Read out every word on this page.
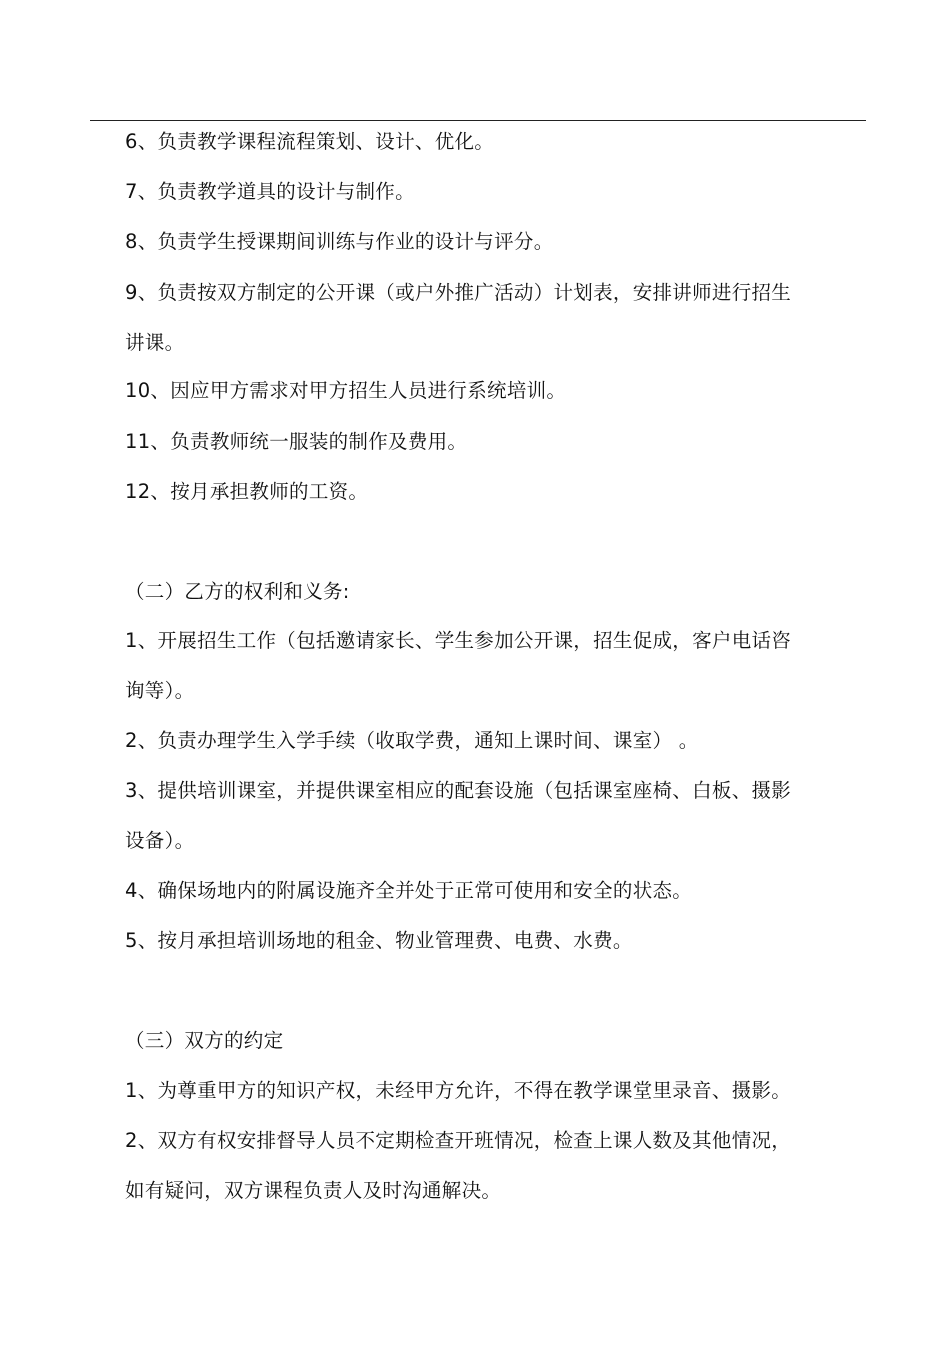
6、负责教学课程流程策划、设计、优化。
7、负责教学道具的设计与制作。
8、负责学生授课期间训练与作业的设计与评分。
9、负责按双方制定的公开课（或户外推广活动）计划表，安排讲师进行招生
讲课。
10、因应甲方需求对甲方招生人员进行系统培训。
11、负责教师统一服装的制作及费用。
12、按月承担教师的工资。
（二）乙方的权利和义务:
1、开展招生工作（包括邀请家长、学生参加公开课，招生促成，客户电话咨
询等）。
2、负责办理学生入学手续（收取学费，通知上课时间、课室） 。
3、提供培训课室，并提供课室相应的配套设施（包括课室座椅、白板、摄影
设备）。
4、确保场地内的附属设施齐全并处于正常可使用和安全的状态。
5、按月承担培训场地的租金、物业管理费、电费、水费。
（三）双方的约定
1、为尊重甲方的知识产权，未经甲方允许，不得在教学课堂里录音、摄影。
2、双方有权安排督导人员不定期检查开班情况，检查上课人数及其他情况，
如有疑问，双方课程负责人及时沟通解决。
